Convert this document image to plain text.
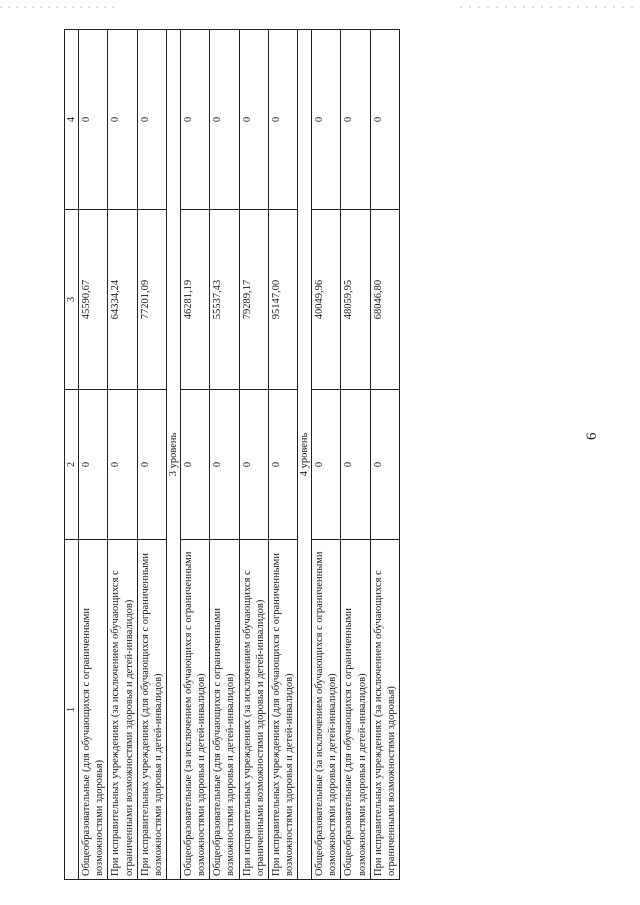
6
1	2	3	4
Общеобразовательные (для обучающихся с ограниченными возможностями здоровья)	0	45590,67	0
При исправительных учреждениях (за исключением обучающихся с ограниченными возможностями здоровья и детей-инвалидов)	0	64334,24	0
При исправительных учреждениях (для обучающихся с ограниченными возможностями здоровья и детей-инвалидов)	0	77201,09	0
3 уровень			
Общеобразовательные (за исключением обучающихся с ограниченными возможностями здоровья и детей-инвалидов)	0	46281,19	0
Общеобразовательные (для обучающихся с ограниченными возможностями здоровья и детей-инвалидов)	0	55537,43	0
При исправительных учреждениях (за исключением обучающихся с ограниченными возможностями здоровья и детей-инвалидов)	0	79289,17	0
При исправительных учреждениях (для обучающихся с ограниченными возможностями здоровья и детей-инвалидов)	0	95147,00	0
4 уровень			
Общеобразовательные (за исключением обучающихся с ограниченными возможностями здоровья и детей-инвалидов)	0	40049,96	0
Общеобразовательные (для обучающихся с ограниченными возможностями здоровья и детей-инвалидов)	0	48059,95	0
При исправительных учреждениях (за исключением обучающихся с ограниченными возможностями здоровья)	0	68046,80	0
